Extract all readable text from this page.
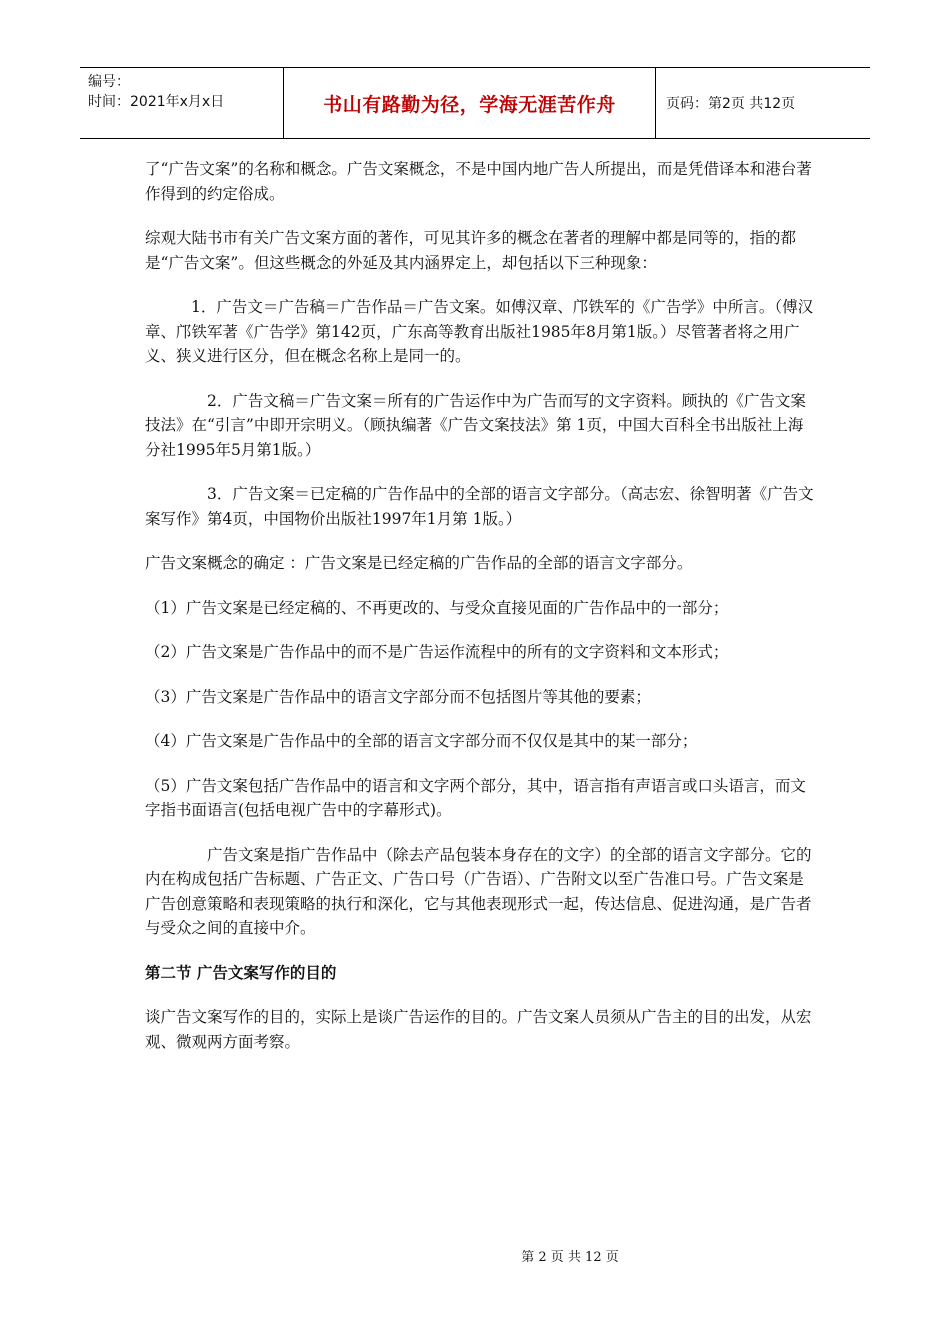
编号：
时间：2021年x月x日	书山有路勤为径，学海无涯苦作舟	页码：第2页 共12页

了“广告文案”的名称和概念。广告文案概念，不是中国内地广告人所提出，而是凭借译本和港台著作得到的约定俗成。

综观大陆书市有关广告文案方面的著作，可见其许多的概念在著者的理解中都是同等的，指的都是“广告文案”。但这些概念的外延及其内涵界定上，却包括以下三种现象：

1．广告文＝广告稿＝广告作品＝广告文案。如傅汉章、邝铁军的《广告学》中所言。（傅汉章、邝铁军著《广告学》第142页，广东高等教育出版社1985年8月第1版。）尽管著者将之用广义、狭义进行区分，但在概念名称上是同一的。

2．广告文稿＝广告文案＝所有的广告运作中为广告而写的文字资料。顾执的《广告文案技法》在“引言”中即开宗明义。（顾执编著《广告文案技法》第 1页，中国大百科全书出版社上海分社1995年5月第1版。）

3．广告文案＝已定稿的广告作品中的全部的语言文字部分。（高志宏、徐智明著《广告文案写作》第4页，中国物价出版社1997年1月第 1版。）

广告文案概念的确定 ：广告文案是已经定稿的广告作品的全部的语言文字部分。

（1）广告文案是已经定稿的、不再更改的、与受众直接见面的广告作品中的一部分；

（2）广告文案是广告作品中的而不是广告运作流程中的所有的文字资料和文本形式；

（3）广告文案是广告作品中的语言文字部分而不包括图片等其他的要素；

（4）广告文案是广告作品中的全部的语言文字部分而不仅仅是其中的某一部分；

（5）广告文案包括广告作品中的语言和文字两个部分，其中，语言指有声语言或口头语言，而文字指书面语言(包括电视广告中的字幕形式)。

广告文案是指广告作品中（除去产品包装本身存在的文字）的全部的语言文字部分。它的内在构成包括广告标题、广告正文、广告口号（广告语）、广告附文以至广告准口号。广告文案是广告创意策略和表现策略的执行和深化，它与其他表现形式一起，传达信息、促进沟通，是广告者与受众之间的直接中介。

第二节 广告文案写作的目的

谈广告文案写作的目的，实际上是谈广告运作的目的。广告文案人员须从广告主的目的出发，从宏观、微观两方面考察。

第 2 页 共 12 页
